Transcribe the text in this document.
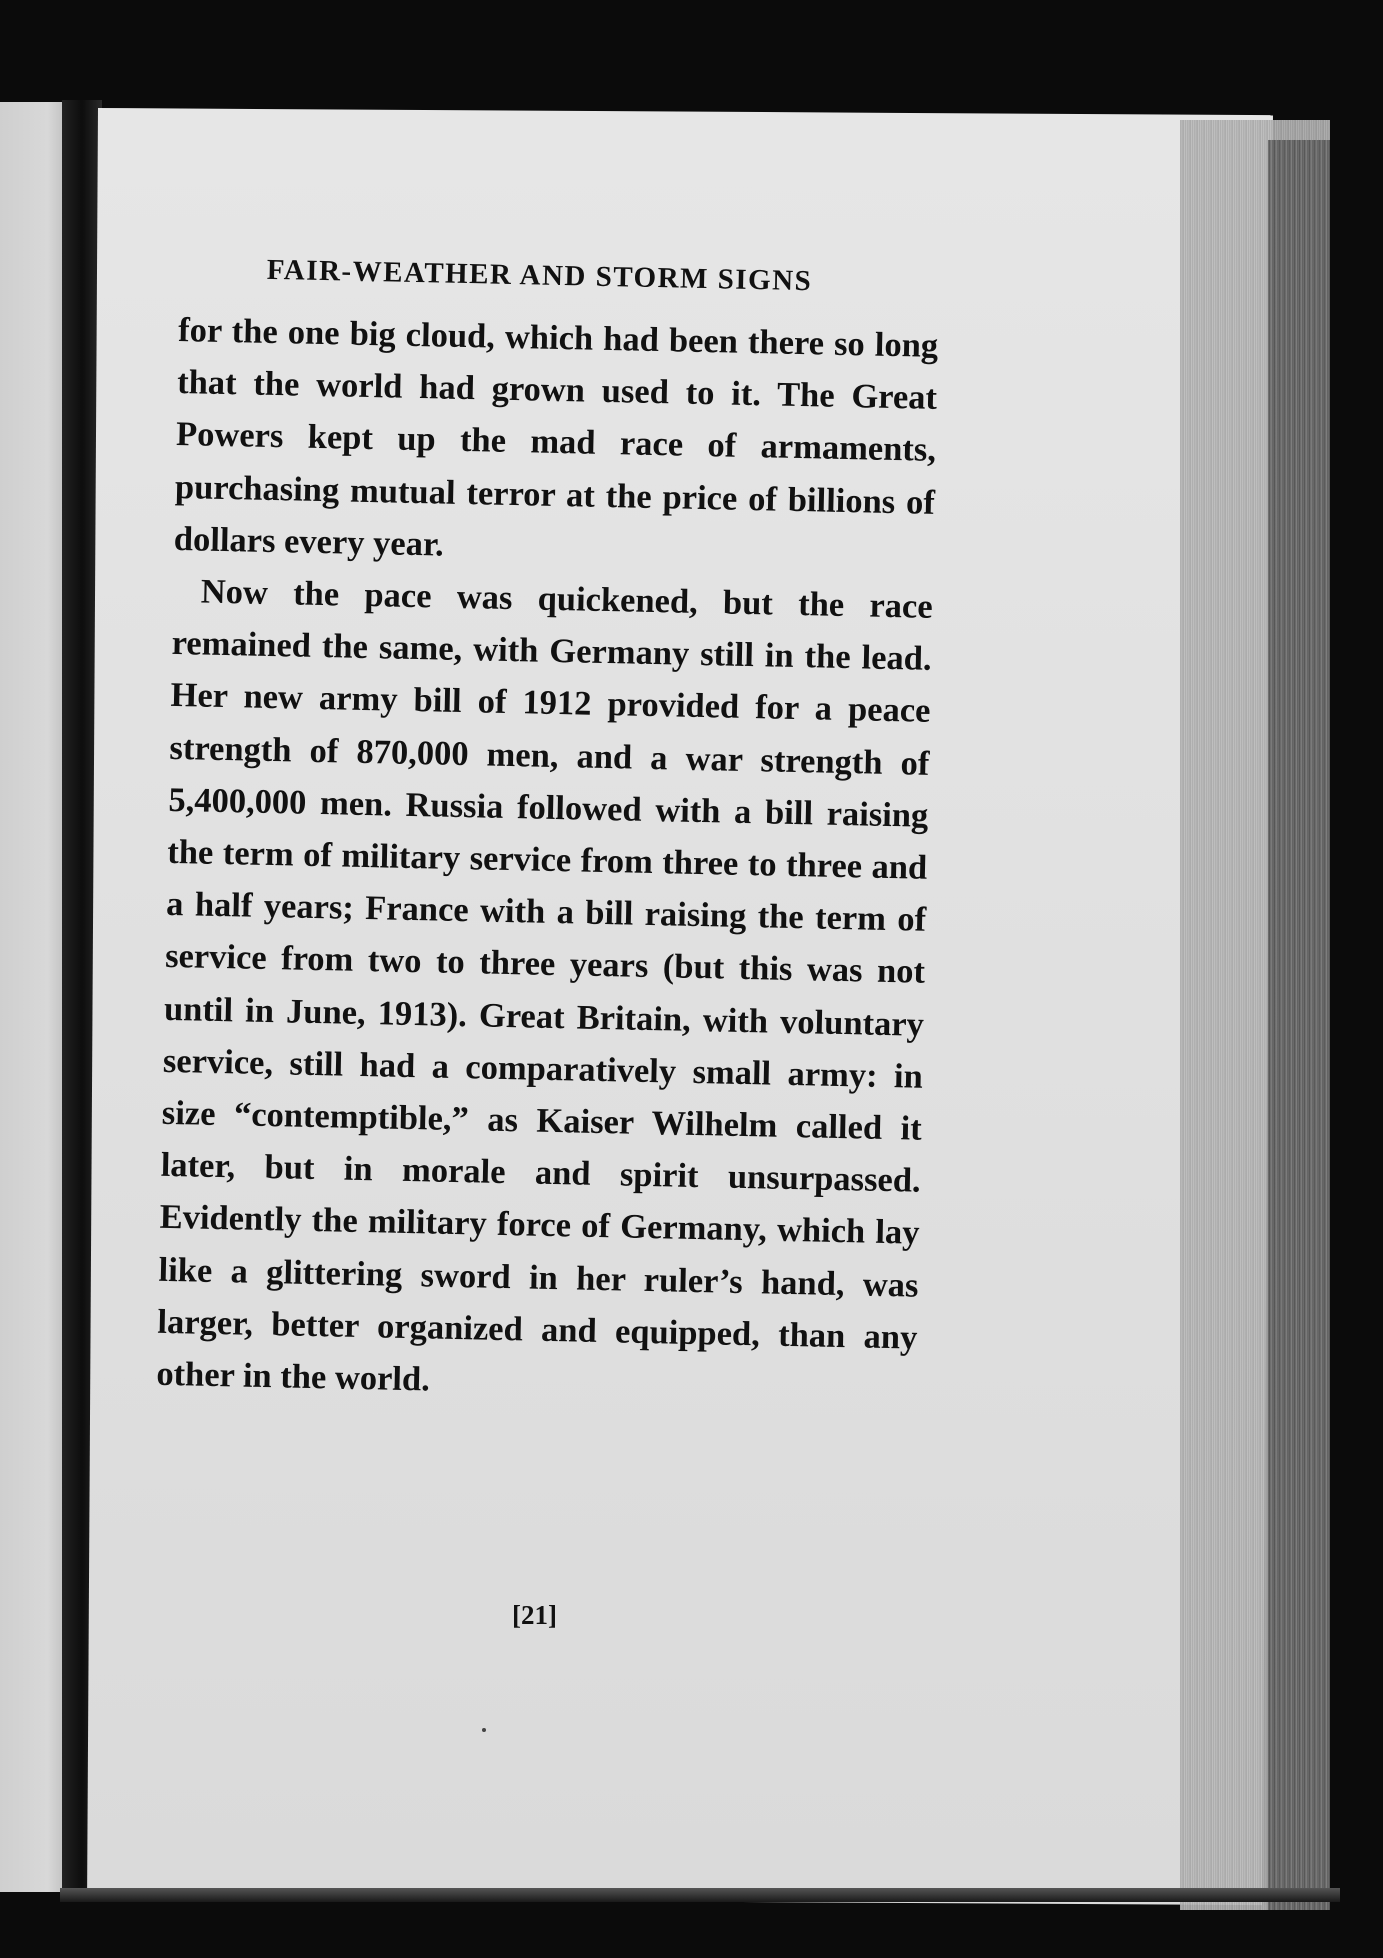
FAIR-WEATHER AND STORM SIGNS

for the one big cloud, which had been there so long that the world had grown used to it. The Great Powers kept up the mad race of armaments, purchasing mutual terror at the price of billions of dollars every year.

Now the pace was quickened, but the race remained the same, with Germany still in the lead. Her new army bill of 1912 provided for a peace strength of 870,000 men, and a war strength of 5,400,000 men. Russia followed with a bill raising the term of military service from three to three and a half years; France with a bill raising the term of service from two to three years (but this was not until in June, 1913). Great Britain, with voluntary service, still had a comparatively small army: in size “contemptible,” as Kaiser Wilhelm called it later, but in morale and spirit unsurpassed. Evidently the military force of Germany, which lay like a glittering sword in her ruler’s hand, was larger, better organized and equipped, than any other in the world.

[21]
